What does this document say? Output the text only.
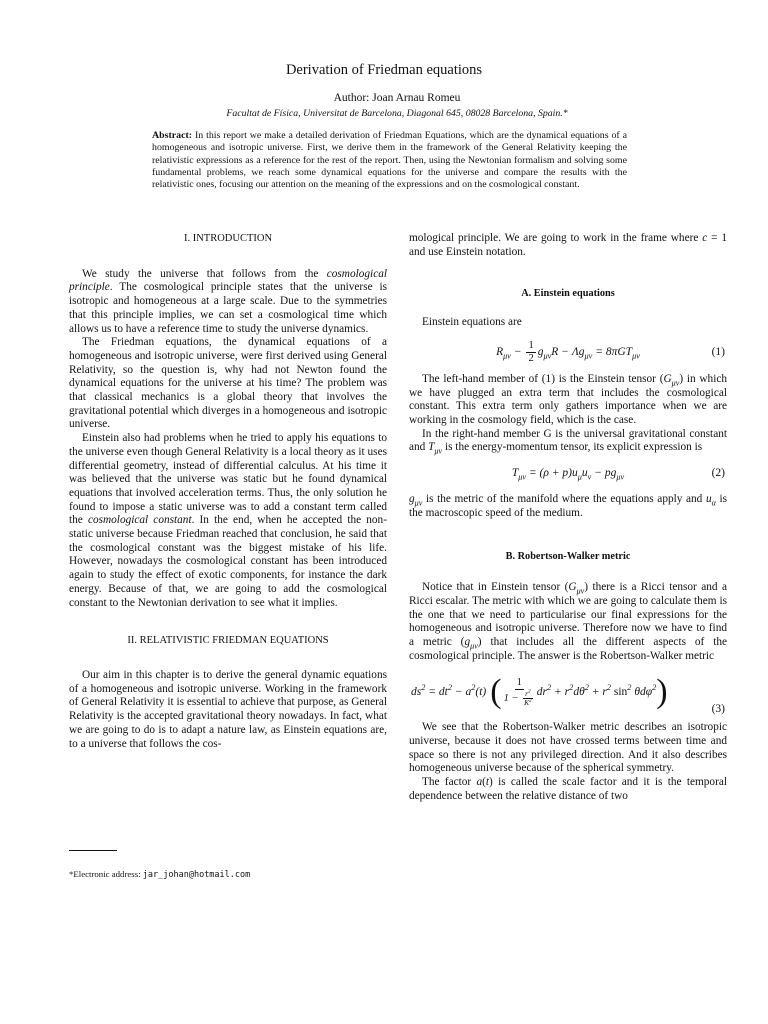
Derivation of Friedman equations
Author: Joan Arnau Romeu
Facultat de Física, Universitat de Barcelona, Diagonal 645, 08028 Barcelona, Spain.*
Abstract: In this report we make a detailed derivation of Friedman Equations, which are the dynamical equations of a homogeneous and isotropic universe. First, we derive them in the framework of the General Relativity keeping the relativistic expressions as a reference for the rest of the report. Then, using the Newtonian formalism and solving some fundamental problems, we reach some dynamical equations for the universe and compare the results with the relativistic ones, focusing our attention on the meaning of the expressions and on the cosmological constant.
I. INTRODUCTION

We study the universe that follows from the cosmological principle. The cosmological principle states that the universe is isotropic and homogeneous at a large scale. Due to the symmetries that this principle implies, we can set a cosmological time which allows us to have a reference time to study the universe dynamics.

The Friedman equations, the dynamical equations of a homogeneous and isotropic universe, were first derived using General Relativity, so the question is, why had not Newton found the dynamical equations for the universe at his time? The problem was that classical mechanics is a global theory that involves the gravitational potential which diverges in a homogeneous and isotropic universe.

Einstein also had problems when he tried to apply his equations to the universe even though General Relativity is a local theory as it uses differential geometry, instead of differential calculus. At his time it was believed that the universe was static but he found dynamical equations that involved acceleration terms. Thus, the only solution he found to impose a static universe was to add a constant term called the cosmological constant. In the end, when he accepted the non-static universe because Friedman reached that conclusion, he said that the cosmological constant was the biggest mistake of his life. However, nowadays the cosmological constant has been introduced again to study the effect of exotic components, for instance the dark energy. Because of that, we are going to add the cosmological constant to the Newtonian derivation to see what it implies.

II. RELATIVISTIC FRIEDMAN EQUATIONS

Our aim in this chapter is to derive the general dynamic equations of a homogeneous and isotropic universe. Working in the framework of General Relativity it is essential to achieve that purpose, as General Relativity is the accepted gravitational theory nowadays. In fact, what we are going to do is to adapt a nature law, as Einstein equations are, to a universe that follows the cos-

*Electronic address: jar_johan@hotmail.com

mological principle. We are going to work in the frame where c = 1 and use Einstein notation.

A. Einstein equations

Einstein equations are

$R_{\mu\nu} - \frac{1}{2} g_{\mu\nu}R - \Lambda g_{\mu\nu} = 8\pi GT_{\mu\nu}$	(1)

The left-hand member of (1) is the Einstein tensor $(G_{\mu\nu})$ in which we have plugged an extra term that includes the cosmological constant. This extra term only gathers importance when we are working in the cosmology field, which is the case.

In the right-hand member G is the universal gravitational constant and $T_{\mu\nu}$ is the energy-momentum tensor, its explicit expression is

$T_{\mu\nu} = (\rho + p)u_\mu u_\nu - pg_{\mu\nu}$	(2)

$g_{\mu\nu}$ is the metric of the manifold where the equations apply and $u_\alpha$ is the macroscopic speed of the medium.

B. Robertson-Walker metric

Notice that in Einstein tensor $(G_{\mu\nu})$ there is a Ricci tensor and a Ricci escalar. The metric with which we are going to calculate them is the one that we need to particularise our final expressions for the homogeneous and isotropic universe. Therefore now we have to find a metric $(g_{\mu\nu})$ that includes all the different aspects of the cosmological principle. The answer is the Robertson-Walker metric

$ds^2 = dt^2 - a^2(t)$ ( $\frac{1}{1 - \frac{r^2}{K^2}} dr^2 + r^2d\theta^2 + r^2$ $\sin^2 \theta d\varphi^2$ )	(3)

We see that the Robertson-Walker metric describes an isotropic universe, because it does not have crossed terms between time and space so there is not any privileged direction. And it also describes homogeneous universe because of the spherical symmetry.

The factor a(t) is called the scale factor and it is the temporal dependence between the relative distance of two
